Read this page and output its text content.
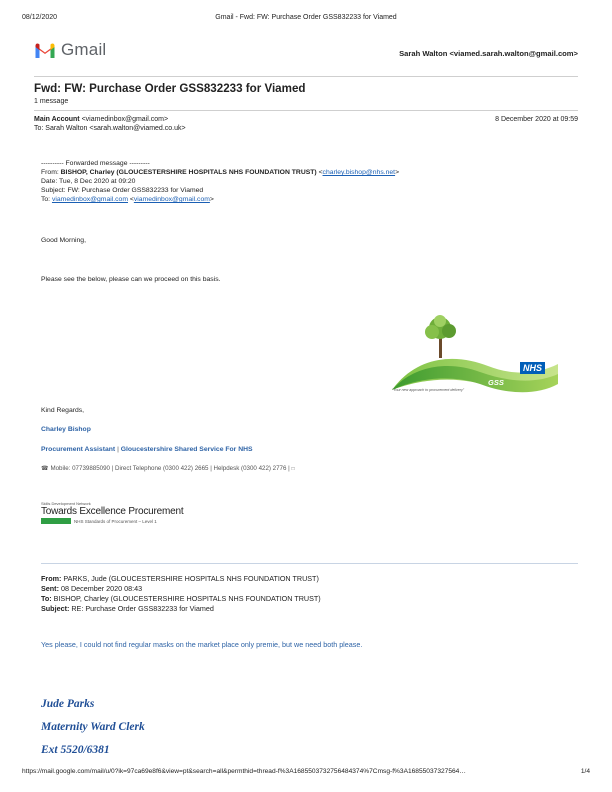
08/12/2020	Gmail - Fwd: FW: Purchase Order GSS832233 for Viamed
Gmail	Sarah Walton <viamed.sarah.walton@gmail.com>
Fwd: FW: Purchase Order GSS832233 for Viamed
1 message
Main Account <viamedinbox@gmail.com>
To: Sarah Walton <sarah.walton@viamed.co.uk>
8 December 2020 at 09:59
---------- Forwarded message ---------
From: BISHOP, Charley (GLOUCESTERSHIRE HOSPITALS NHS FOUNDATION TRUST) <charley.bishop@nhs.net>
Date: Tue, 8 Dec 2020 at 09:20
Subject: FW: Purchase Order GSS832233 for Viamed
To: viamedinbox@gmail.com <viamedinbox@gmail.com>
Good Morning,
Please see the below, please can we proceed on this basis.
NHS
GSS
"Your new approach to procurement delivery"
Kind Regards,
Charley Bishop
Procurement Assistant | Gloucestershire Shared Service For NHS
☎ Mobile: 07739885090 | Direct Telephone (0300 422) 2665 | Helpdesk (0300 422) 2776 | □
Skills Development Network
Towards Excellence Procurement
NHS Standards of Procurement – Level 1
From: PARKS, Jude (GLOUCESTERSHIRE HOSPITALS NHS FOUNDATION TRUST)
Sent: 08 December 2020 08:43
To: BISHOP, Charley (GLOUCESTERSHIRE HOSPITALS NHS FOUNDATION TRUST)
Subject: RE: Purchase Order GSS832233 for Viamed
Yes please, I could not find regular masks on the market place only premie, but we need both please.
Jude Parks
Maternity Ward Clerk
Ext 5520/6381
https://mail.google.com/mail/u/0?ik=97ca69e8f6&view=pt&search=all&permthid=thread-f%3A1685503732756484374%7Cmsg-f%3A16855037327564…	1/4
